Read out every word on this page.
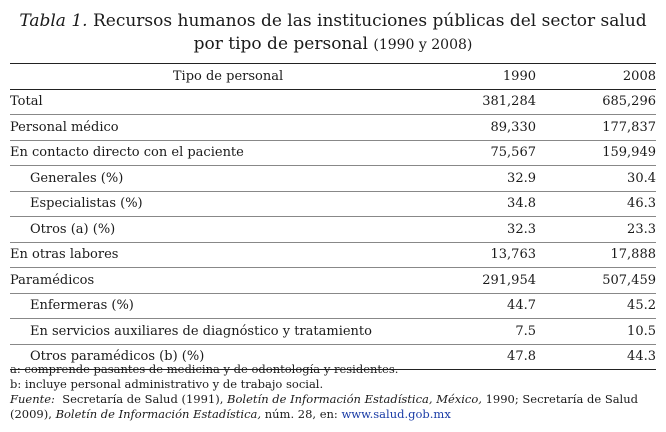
Tabla 1. Recursos humanos de las instituciones públicas del sector salud por tipo de personal (1990 y 2008)
Tipo de personal	1990	2008
Total	381,284	685,296
Personal médico	89,330	177,837
En contacto directo con el paciente	75,567	159,949
Generales (%)	32.9	30.4
Especialistas (%)	34.8	46.3
Otros (a) (%)	32.3	23.3
En otras labores	13,763	17,888
Paramédicos	291,954	507,459
Enfermeras (%)	44.7	45.2
En servicios auxiliares de diagnóstico y tratamiento	7.5	10.5
Otros paramédicos (b) (%)	47.8	44.3

a: comprende pasantes de medicina y de odontología y residentes.

b: incluye personal administrativo y de trabajo social.

Fuente: Secretaría de Salud (1991), Boletín de Información Estadística, México, 1990; Secretaría de Salud (2009), Boletín de Información Estadística, núm. 28, en: www.salud.gob.mx
